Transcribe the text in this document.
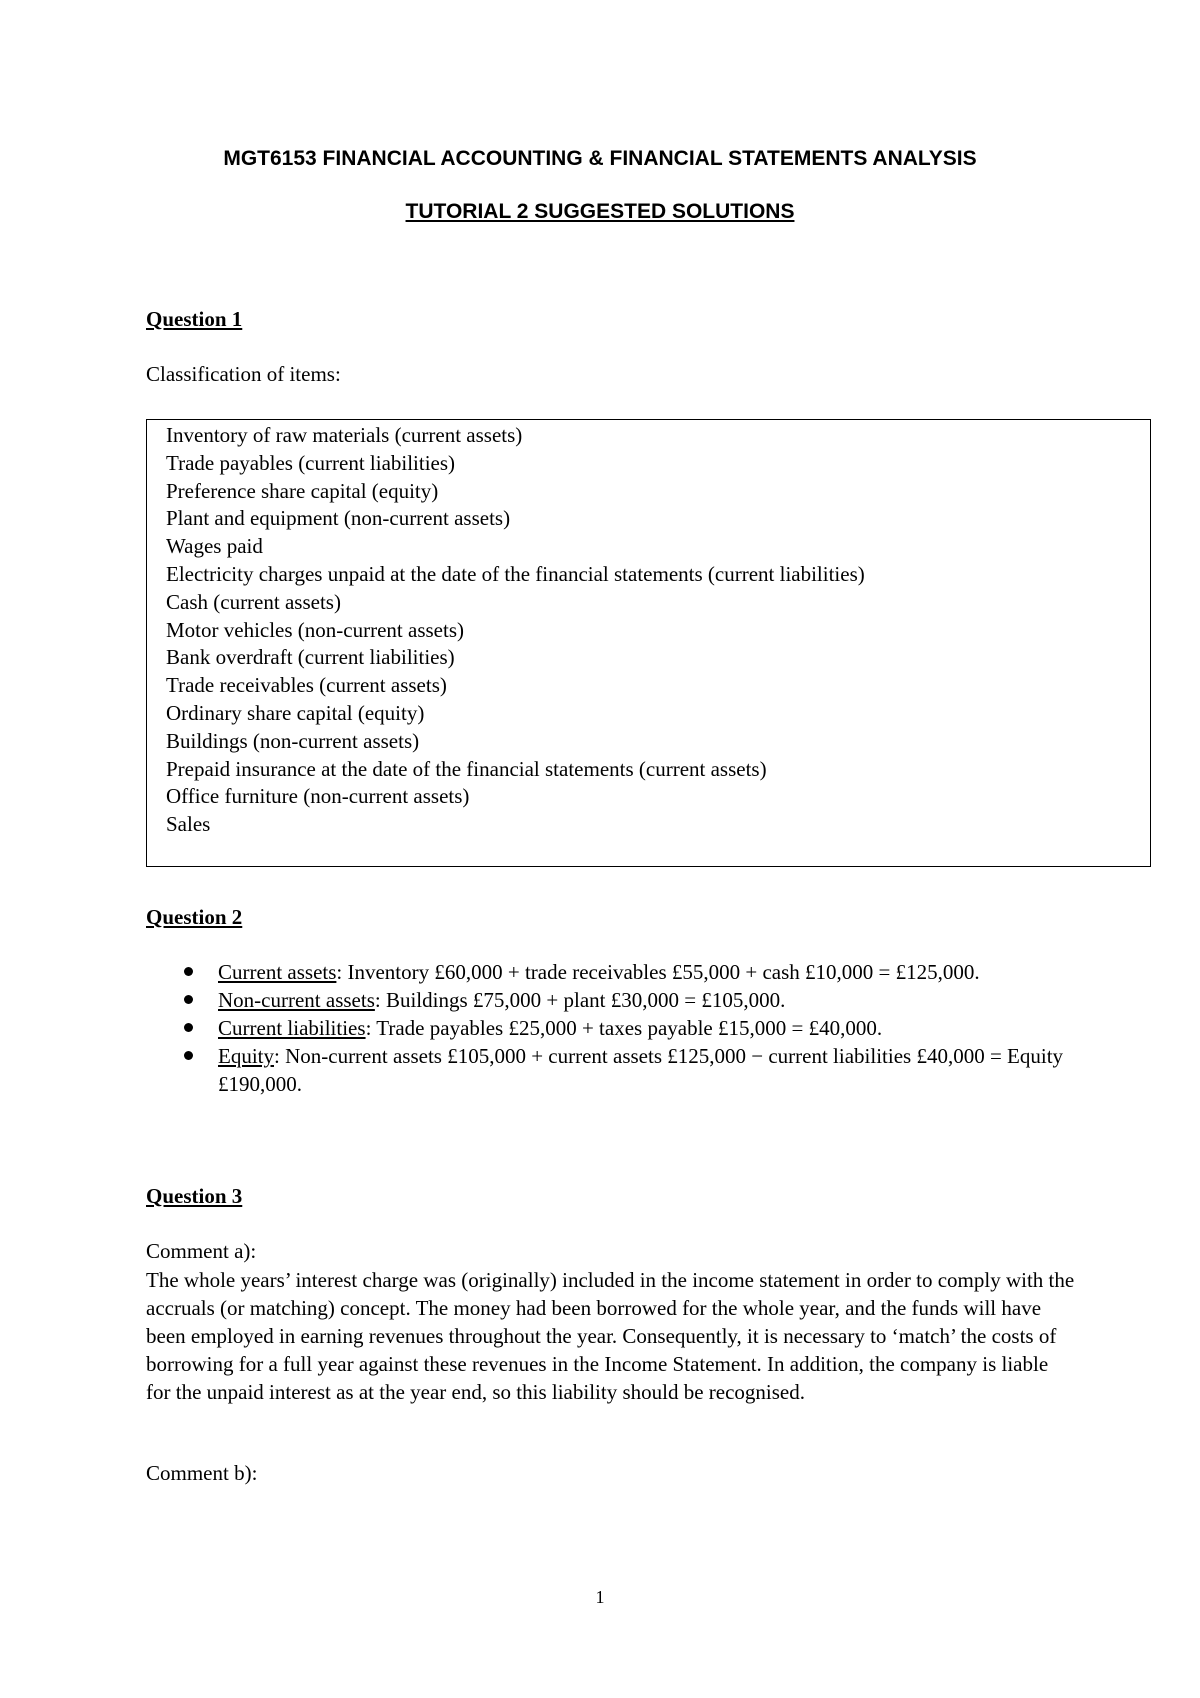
MGT6153 FINANCIAL ACCOUNTING & FINANCIAL STATEMENTS ANALYSIS
TUTORIAL 2 SUGGESTED SOLUTIONS

Question 1

Classification of items:

Inventory of raw materials (current assets)
Trade payables (current liabilities)
Preference share capital (equity)
Plant and equipment (non-current assets)
Wages paid
Electricity charges unpaid at the date of the financial statements (current liabilities)
Cash (current assets)
Motor vehicles (non-current assets)
Bank overdraft (current liabilities)
Trade receivables (current assets)
Ordinary share capital (equity)
Buildings (non-current assets)
Prepaid insurance at the date of the financial statements (current assets)
Office furniture (non-current assets)
Sales

Question 2

Current assets: Inventory £60,000 + trade receivables £55,000 + cash £10,000 = £125,000.
Non-current assets: Buildings £75,000 + plant £30,000 = £105,000.
Current liabilities: Trade payables £25,000 + taxes payable £15,000 = £40,000.
Equity: Non-current assets £105,000 + current assets £125,000 − current liabilities £40,000 = Equity £190,000.

Question 3

Comment a):

The whole years’ interest charge was (originally) included in the income statement in order to comply with the accruals (or matching) concept. The money had been borrowed for the whole year, and the funds will have been employed in earning revenues throughout the year. Consequently, it is necessary to ‘match’ the costs of borrowing for a full year against these revenues in the Income Statement. In addition, the company is liable for the unpaid interest as at the year end, so this liability should be recognised.

Comment b):

1
